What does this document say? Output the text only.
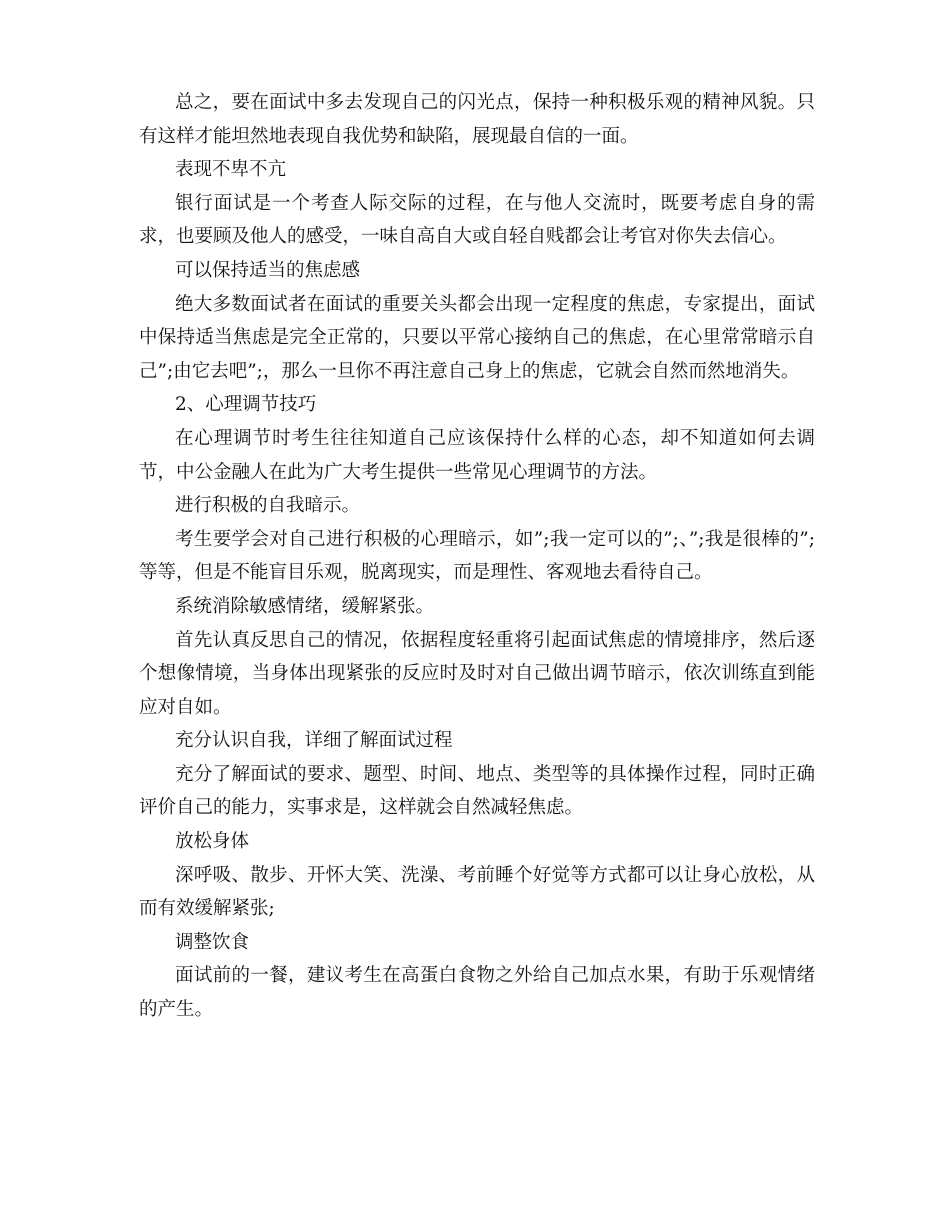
总之，要在面试中多去发现自己的闪光点，保持一种积极乐观的精神风貌。只有这样才能坦然地表现自我优势和缺陷，展现最自信的一面。

表现不卑不亢

银行面试是一个考查人际交际的过程，在与他人交流时，既要考虑自身的需求，也要顾及他人的感受，一味自高自大或自轻自贱都会让考官对你失去信心。

可以保持适当的焦虑感

绝大多数面试者在面试的重要关头都会出现一定程度的焦虑，专家提出，面试中保持适当焦虑是完全正常的，只要以平常心接纳自己的焦虑，在心里常常暗示自己”;由它去吧”;，那么一旦你不再注意自己身上的焦虑，它就会自然而然地消失。

2、心理调节技巧

在心理调节时考生往往知道自己应该保持什么样的心态，却不知道如何去调节，中公金融人在此为广大考生提供一些常见心理调节的方法。

进行积极的自我暗示。

考生要学会对自己进行积极的心理暗示，如”;我一定可以的”;、”;我是很棒的”;等等，但是不能盲目乐观，脱离现实，而是理性、客观地去看待自己。

系统消除敏感情绪，缓解紧张。

首先认真反思自己的情况，依据程度轻重将引起面试焦虑的情境排序，然后逐个想像情境，当身体出现紧张的反应时及时对自己做出调节暗示，依次训练直到能应对自如。

充分认识自我，详细了解面试过程

充分了解面试的要求、题型、时间、地点、类型等的具体操作过程，同时正确评价自己的能力，实事求是，这样就会自然减轻焦虑。

放松身体

深呼吸、散步、开怀大笑、洗澡、考前睡个好觉等方式都可以让身心放松，从而有效缓解紧张;

调整饮食

面试前的一餐，建议考生在高蛋白食物之外给自己加点水果，有助于乐观情绪的产生。
